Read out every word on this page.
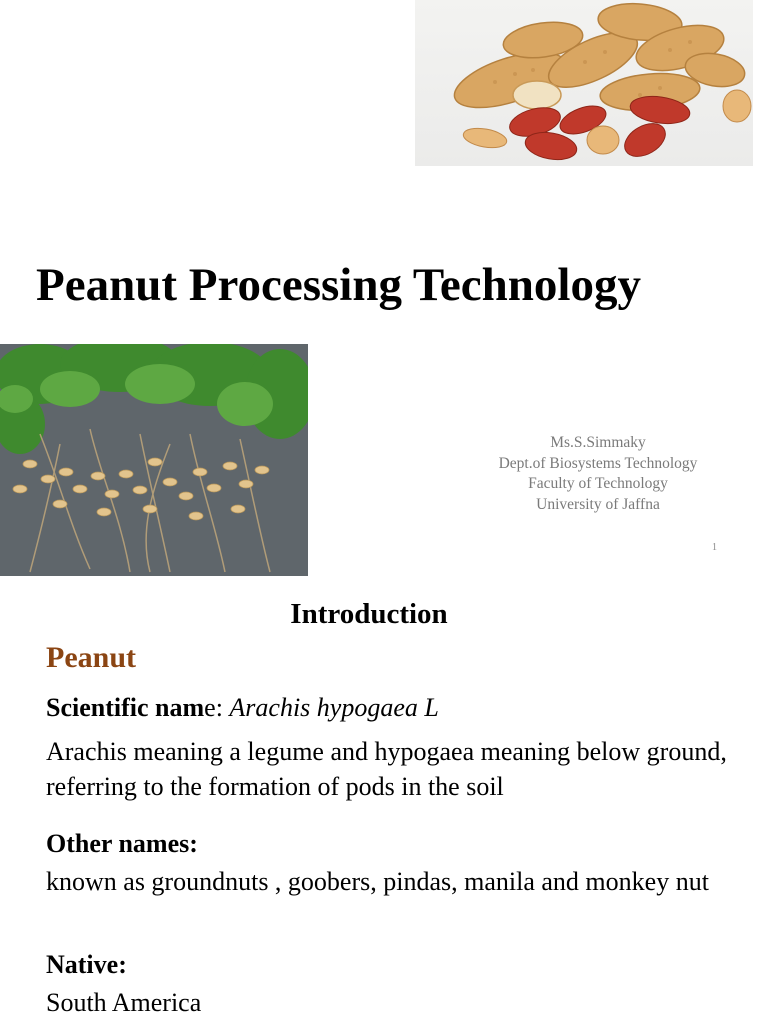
Peanut Processing Technology
Ms.S.Simmaky
Dept.of Biosystems Technology
Faculty of Technology
University of Jaffna
1
Introduction
Peanut
Scientific name: Arachis hypogaea L
Arachis meaning a legume and hypogaea meaning below ground, referring to the formation of pods in the soil
Other names:
known as groundnuts , goobers, pindas, manila and monkey nut
Native:
South America
